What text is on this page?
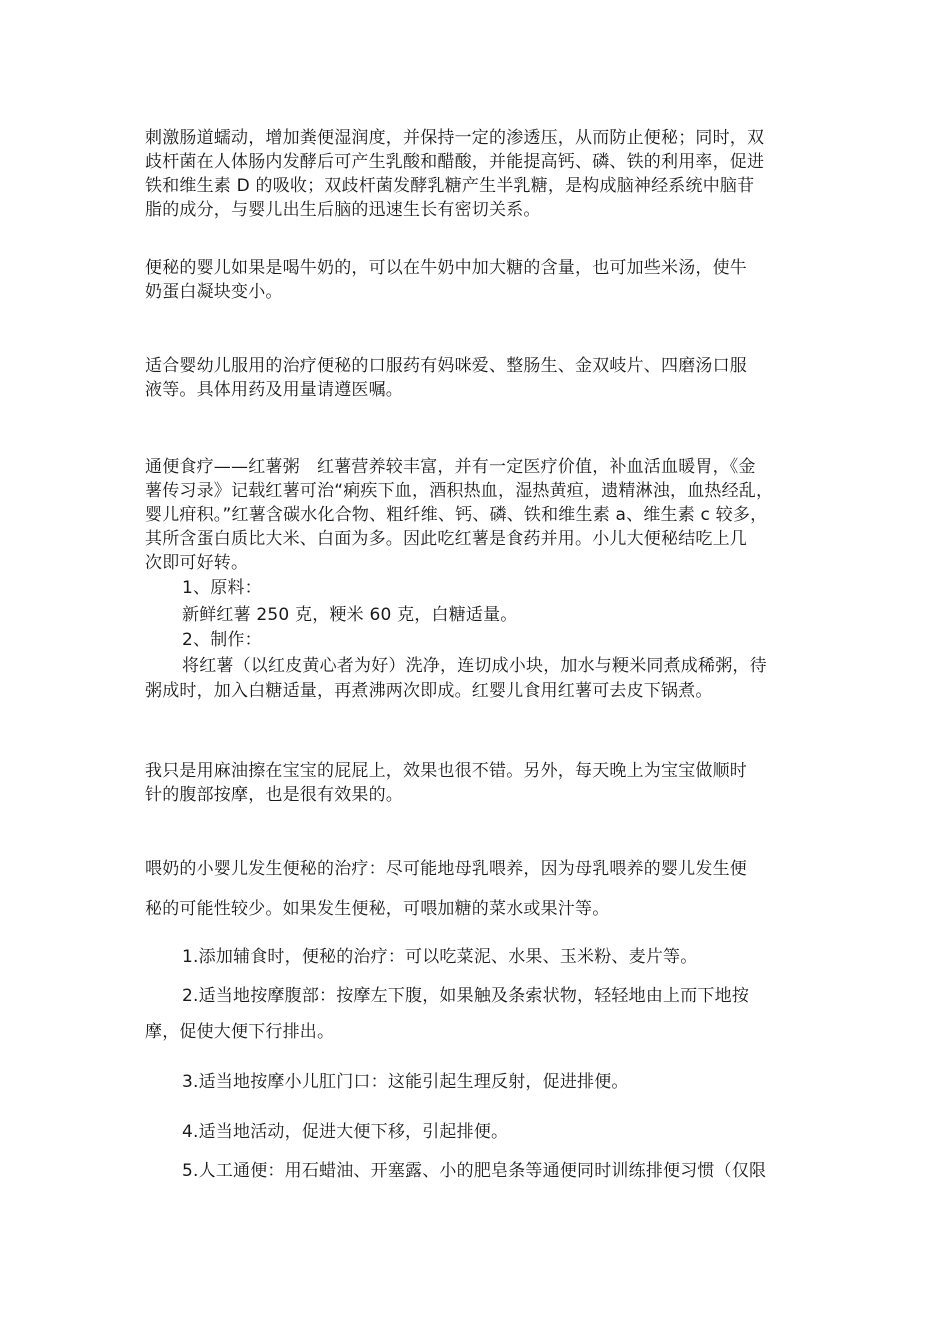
刺激肠道蠕动，增加粪便湿润度，并保持一定的渗透压，从而防止便秘；同时，双
歧杆菌在人体肠内发酵后可产生乳酸和醋酸，并能提高钙、磷、铁的利用率，促进
铁和维生素 D 的吸收；双歧杆菌发酵乳糖产生半乳糖，是构成脑神经系统中脑苷
脂的成分，与婴儿出生后脑的迅速生长有密切关系。
便秘的婴儿如果是喝牛奶的，可以在牛奶中加大糖的含量，也可加些米汤，使牛
奶蛋白凝块变小。
适合婴幼儿服用的治疗便秘的口服药有妈咪爱、整肠生、金双岐片、四磨汤口服
液等。具体用药及用量请遵医嘱。
通便食疗——红薯粥　红薯营养较丰富，并有一定医疗价值，补血活血暖胃，《金
薯传习录》记载红薯可治“痢疾下血，酒积热血，湿热黄疸，遗精淋浊，血热经乱，
婴儿疳积。”红薯含碳水化合物、粗纤维、钙、磷、铁和维生素 a、维生素 c 较多，
其所含蛋白质比大米、白面为多。因此吃红薯是食药并用。小儿大便秘结吃上几
次即可好转。
1、原料：
新鲜红薯 250 克，粳米 60 克，白糖适量。
2、制作：
将红薯（以红皮黄心者为好）洗净，连切成小块，加水与粳米同煮成稀粥，待
粥成时，加入白糖适量，再煮沸两次即成。红婴儿食用红薯可去皮下锅煮。
我只是用麻油擦在宝宝的屁屁上，效果也很不错。另外，每天晚上为宝宝做顺时
针的腹部按摩，也是很有效果的。
喂奶的小婴儿发生便秘的治疗：尽可能地母乳喂养，因为母乳喂养的婴儿发生便
秘的可能性较少。如果发生便秘，可喂加糖的菜水或果汁等。
1.添加辅食时，便秘的治疗：可以吃菜泥、水果、玉米粉、麦片等。
2.适当地按摩腹部：按摩左下腹，如果触及条索状物，轻轻地由上而下地按
摩，促使大便下行排出。
3.适当地按摩小儿肛门口：这能引起生理反射，促进排便。
4.适当地活动，促进大便下移，引起排便。
5.人工通便：用石蜡油、开塞露、小的肥皂条等通便同时训练排便习惯（仅限
